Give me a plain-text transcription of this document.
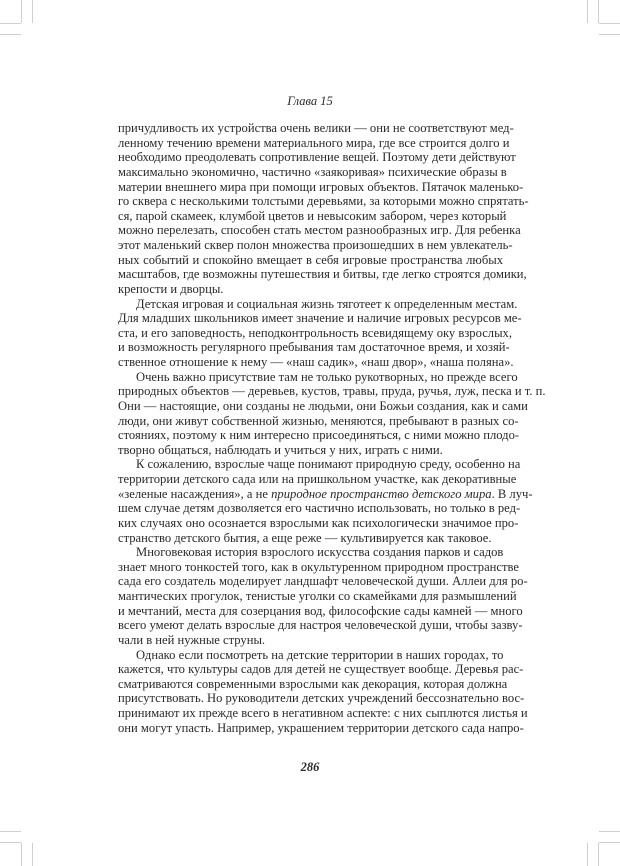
Глава 15
причудливость их устройства очень велики — они не соответствуют мед-
ленному течению времени материального мира, где все строится долго и
необходимо преодолевать сопротивление вещей. Поэтому дети действуют
максимально экономично, частично «заякоривая» психические образы в
материи внешнего мира при помощи игровых объектов. Пятачок маленько-
го сквера с несколькими толстыми деревьями, за которыми можно спрятать-
ся, парой скамеек, клумбой цветов и невысоким забором, через который
можно перелезать, способен стать местом разнообразных игр. Для ребенка
этот маленький сквер полон множества произошедших в нем увлекатель-
ных событий и спокойно вмещает в себя игровые пространства любых
масштабов, где возможны путешествия и битвы, где легко строятся домики,
крепости и дворцы.
Детская игровая и социальная жизнь тяготеет к определенным местам.
Для младших школьников имеет значение и наличие игровых ресурсов ме-
ста, и его заповедность, неподконтрольность всевидящему оку взрослых,
и возможность регулярного пребывания там достаточное время, и хозяй-
ственное отношение к нему — «наш садик», «наш двор», «наша поляна».
Очень важно присутствие там не только рукотворных, но прежде всего
природных объектов — деревьев, кустов, травы, пруда, ручья, луж, песка и т. п.
Они — настоящие, они созданы не людьми, они Божьи создания, как и сами
люди, они живут собственной жизнью, меняются, пребывают в разных со-
стояниях, поэтому к ним интересно присоединяться, с ними можно плодо-
творно общаться, наблюдать и учиться у них, играть с ними.
К сожалению, взрослые чаще понимают природную среду, особенно на
территории детского сада или на пришкольном участке, как декоративные
«зеленые насаждения», а не природное пространство детского мира. В луч-
шем случае детям дозволяется его частично использовать, но только в ред-
ких случаях оно осознается взрослыми как психологически значимое про-
странство детского бытия, а еще реже — культивируется как таковое.
Многовековая история взрослого искусства создания парков и садов
знает много тонкостей того, как в окультуренном природном пространстве
сада его создатель моделирует ландшафт человеческой души. Аллеи для ро-
мантических прогулок, тенистые уголки со скамейками для размышлений
и мечтаний, места для созерцания вод, философские сады камней — много
всего умеют делать взрослые для настроя человеческой души, чтобы зазву-
чали в ней нужные струны.
Однако если посмотреть на детские территории в наших городах, то
кажется, что культуры садов для детей не существует вообще. Деревья рас-
сматриваются современными взрослыми как декорация, которая должна
присутствовать. Но руководители детских учреждений бессознательно вос-
принимают их прежде всего в негативном аспекте: с них сыплются листья и
они могут упасть. Например, украшением территории детского сада напро-
286
